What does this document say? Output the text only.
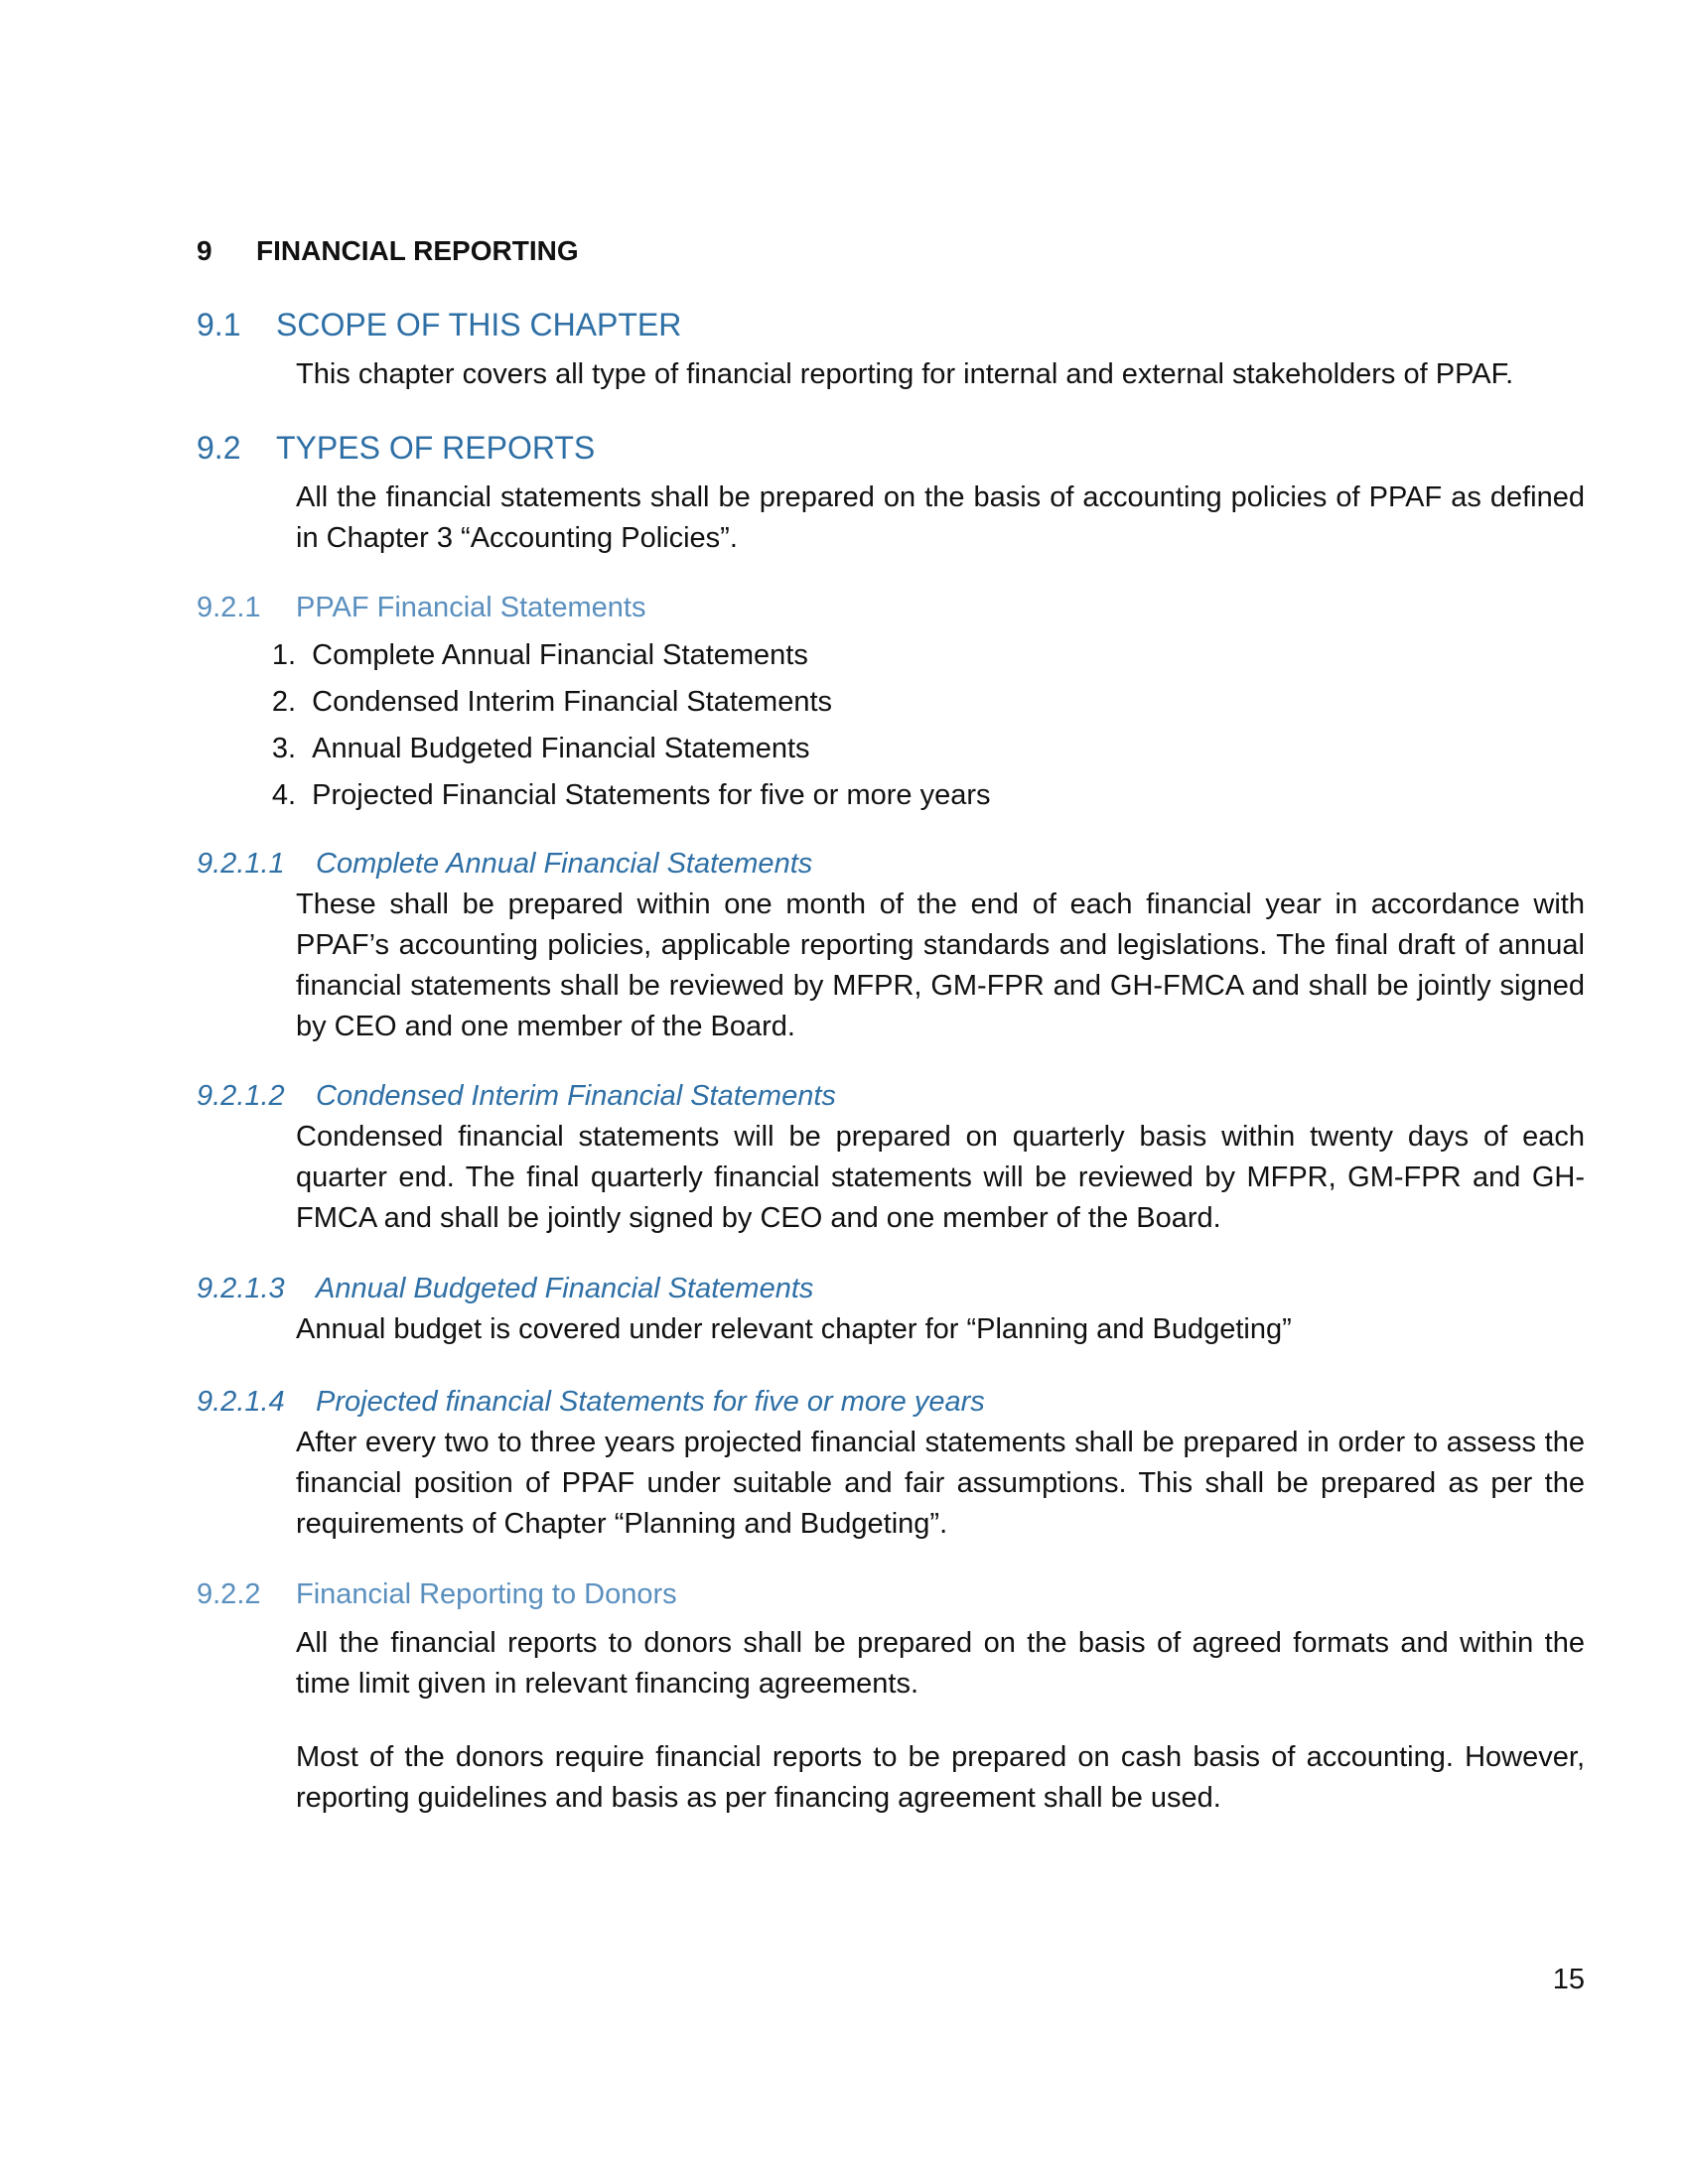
9 FINANCIAL REPORTING
9.1 SCOPE OF THIS CHAPTER

This chapter covers all type of financial reporting for internal and external stakeholders of PPAF.

9.2 TYPES OF REPORTS

All the financial statements shall be prepared on the basis of accounting policies of PPAF as defined in Chapter 3 “Accounting Policies”.

9.2.1 PPAF Financial Statements
1. Complete Annual Financial Statements
2. Condensed Interim Financial Statements
3. Annual Budgeted Financial Statements
4. Projected Financial Statements for five or more years
9.2.1.1 Complete Annual Financial Statements

These shall be prepared within one month of the end of each financial year in accordance with PPAF’s accounting policies, applicable reporting standards and legislations. The final draft of annual financial statements shall be reviewed by MFPR, GM-FPR and GH-FMCA and shall be jointly signed by CEO and one member of the Board.

9.2.1.2 Condensed Interim Financial Statements

Condensed financial statements will be prepared on quarterly basis within twenty days of each quarter end. The final quarterly financial statements will be reviewed by MFPR, GM-FPR and GH-FMCA and shall be jointly signed by CEO and one member of the Board.

9.2.1.3 Annual Budgeted Financial Statements

Annual budget is covered under relevant chapter for “Planning and Budgeting”

9.2.1.4 Projected financial Statements for five or more years

After every two to three years projected financial statements shall be prepared in order to assess the financial position of PPAF under suitable and fair assumptions. This shall be prepared as per the requirements of Chapter “Planning and Budgeting”.

9.2.2 Financial Reporting to Donors

All the financial reports to donors shall be prepared on the basis of agreed formats and within the time limit given in relevant financing agreements.

Most of the donors require financial reports to be prepared on cash basis of accounting. However, reporting guidelines and basis as per financing agreement shall be used.

15
